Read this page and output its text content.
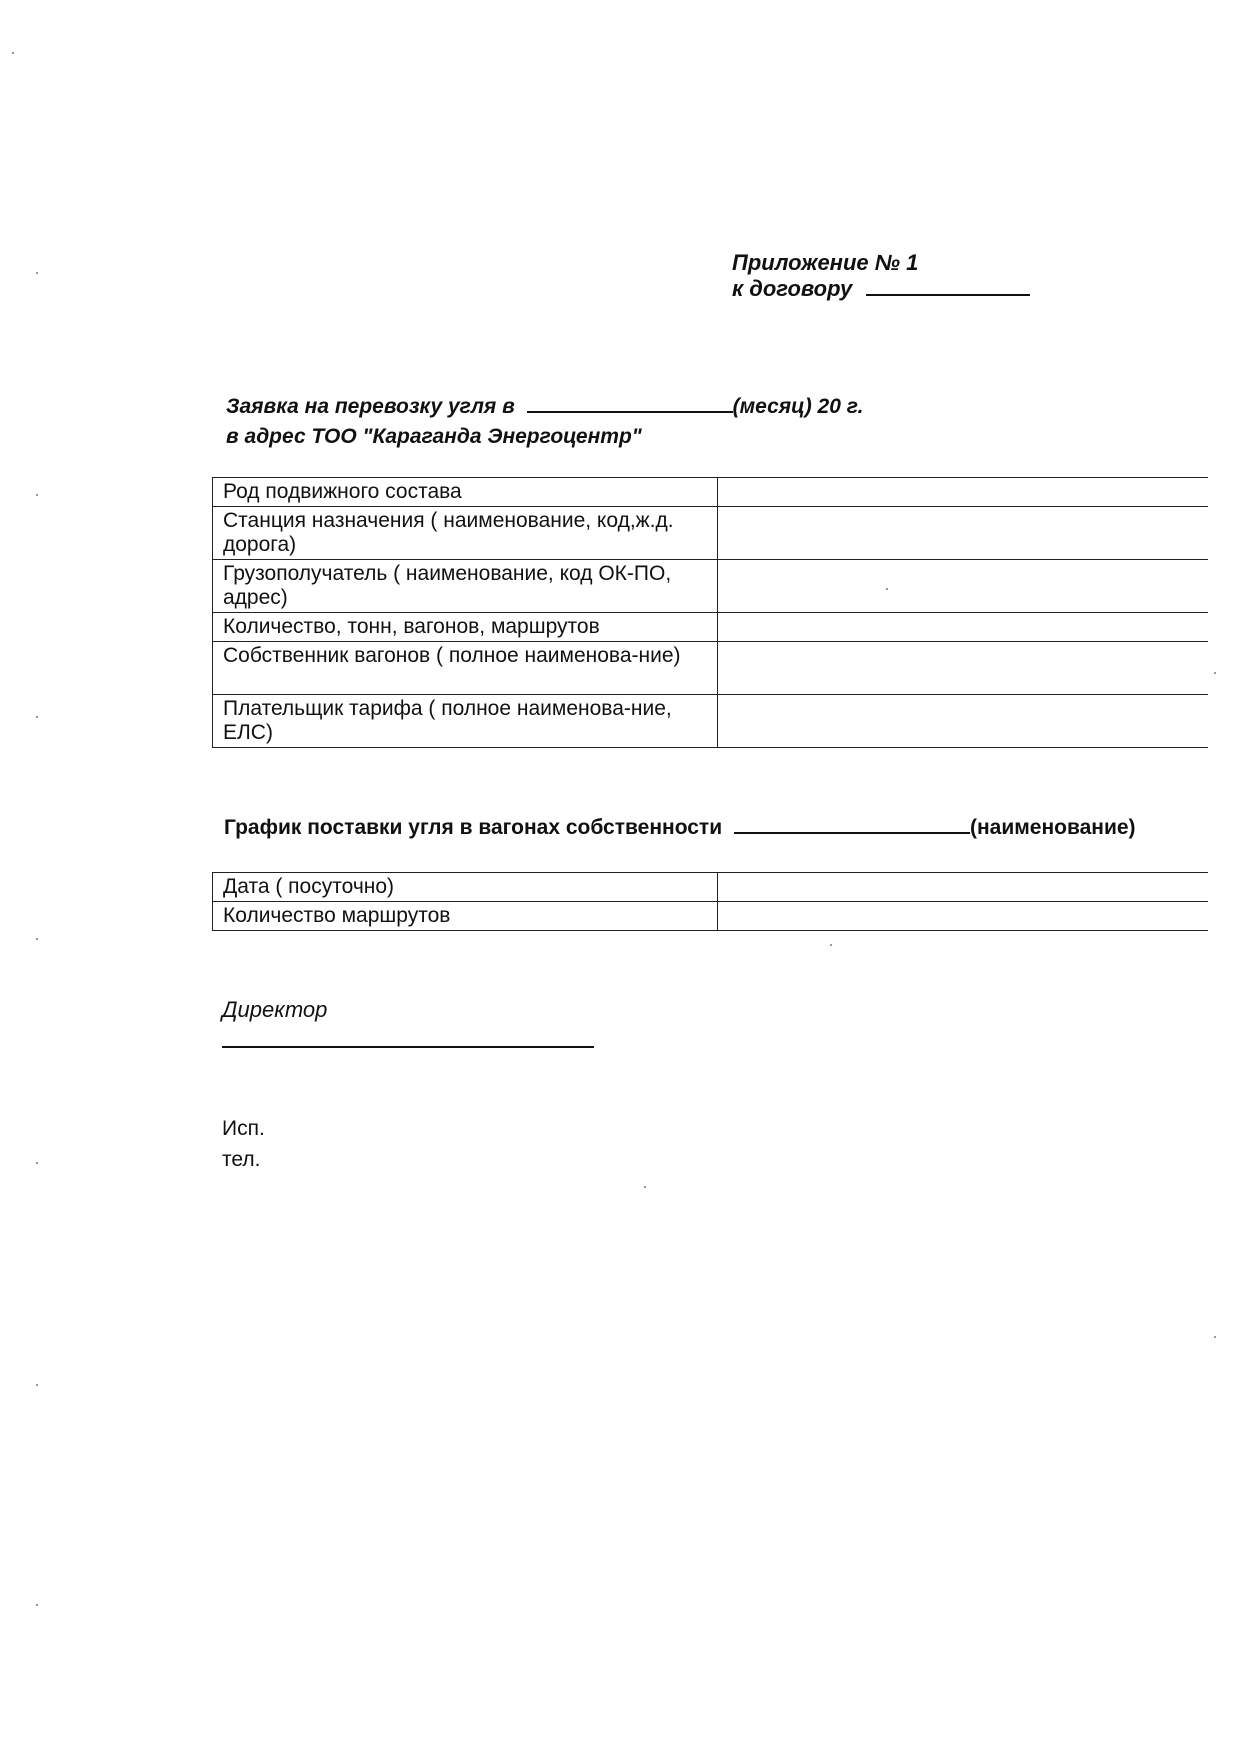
Приложение № 1
к договору
Заявка на перевозку угля в	(месяц) 20 г.
в адрес ТОО "Караганда Энергоцентр"
Род подвижного состава	
Станция назначения ( наименование, код,ж.д. дорога)	
Грузополучатель ( наименование, код ОК-ПО, адрес)	
Количество, тонн, вагонов, маршрутов	
Собственник вагонов ( полное наименова-ние)	
Плательщик тарифа ( полное наименова-ние, ЕЛС)	
График поставки угля в вагонах собственности	(наименование)
Дата ( посуточно)	
Количество маршрутов	
Директор
Исп.
тел.
